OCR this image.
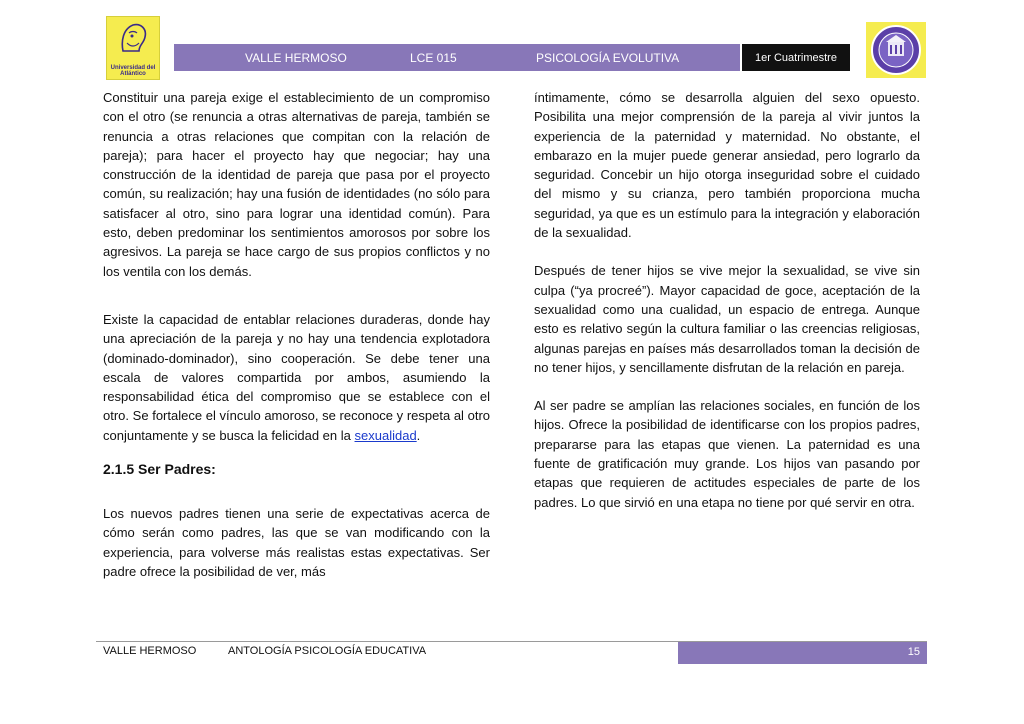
Universidad del Atlántico
VALLE HERMOSO	LCE 015	PSICOLOGÍA EVOLUTIVA	1er Cuatrimestre

Constituir una pareja exige el establecimiento de un compromiso con el otro (se renuncia a otras alternativas de pareja, también se renuncia a otras relaciones que compitan con la relación de pareja); para hacer el proyecto hay que negociar; hay una construcción de la identidad de pareja que pasa por el proyecto común, su realización; hay una fusión de identidades (no sólo para satisfacer al otro, sino para lograr una identidad común). Para esto, deben predominar los sentimientos amorosos por sobre los agresivos. La pareja se hace cargo de sus propios conflictos y no los ventila con los demás.

Existe la capacidad de entablar relaciones duraderas, donde hay una apreciación de la pareja y no hay una tendencia explotadora (dominado-dominador), sino cooperación. Se debe tener una escala de valores compartida por ambos, asumiendo la responsabilidad ética del compromiso que se establece con el otro. Se fortalece el vínculo amoroso, se reconoce y respeta al otro conjuntamente y se busca la felicidad en la sexualidad.

2.1.5 Ser Padres:

Los nuevos padres tienen una serie de expectativas acerca de cómo serán como padres, las que se van modificando con la experiencia, para volverse más realistas estas expectativas. Ser padre ofrece la posibilidad de ver, más

íntimamente, cómo se desarrolla alguien del sexo opuesto. Posibilita una mejor comprensión de la pareja al vivir juntos la experiencia de la paternidad y maternidad. No obstante, el embarazo en la mujer puede generar ansiedad, pero lograrlo da seguridad. Concebir un hijo otorga inseguridad sobre el cuidado del mismo y su crianza, pero también proporciona mucha seguridad, ya que es un estímulo para la integración y elaboración de la sexualidad.

Después de tener hijos se vive mejor la sexualidad, se vive sin culpa (“ya procreé”). Mayor capacidad de goce, aceptación de la sexualidad como una cualidad, un espacio de entrega. Aunque esto es relativo según la cultura familiar o las creencias religiosas, algunas parejas en países más desarrollados toman la decisión de no tener hijos, y sencillamente disfrutan de la relación en pareja.

Al ser padre se amplían las relaciones sociales, en función de los hijos. Ofrece la posibilidad de identificarse con los propios padres, prepararse para las etapas que vienen. La paternidad es una fuente de gratificación muy grande. Los hijos van pasando por etapas que requieren de actitudes especiales de parte de los padres. Lo que sirvió en una etapa no tiene por qué servir en otra.

VALLE HERMOSO	ANTOLOGÍA PSICOLOGÍA EDUCATIVA	15
